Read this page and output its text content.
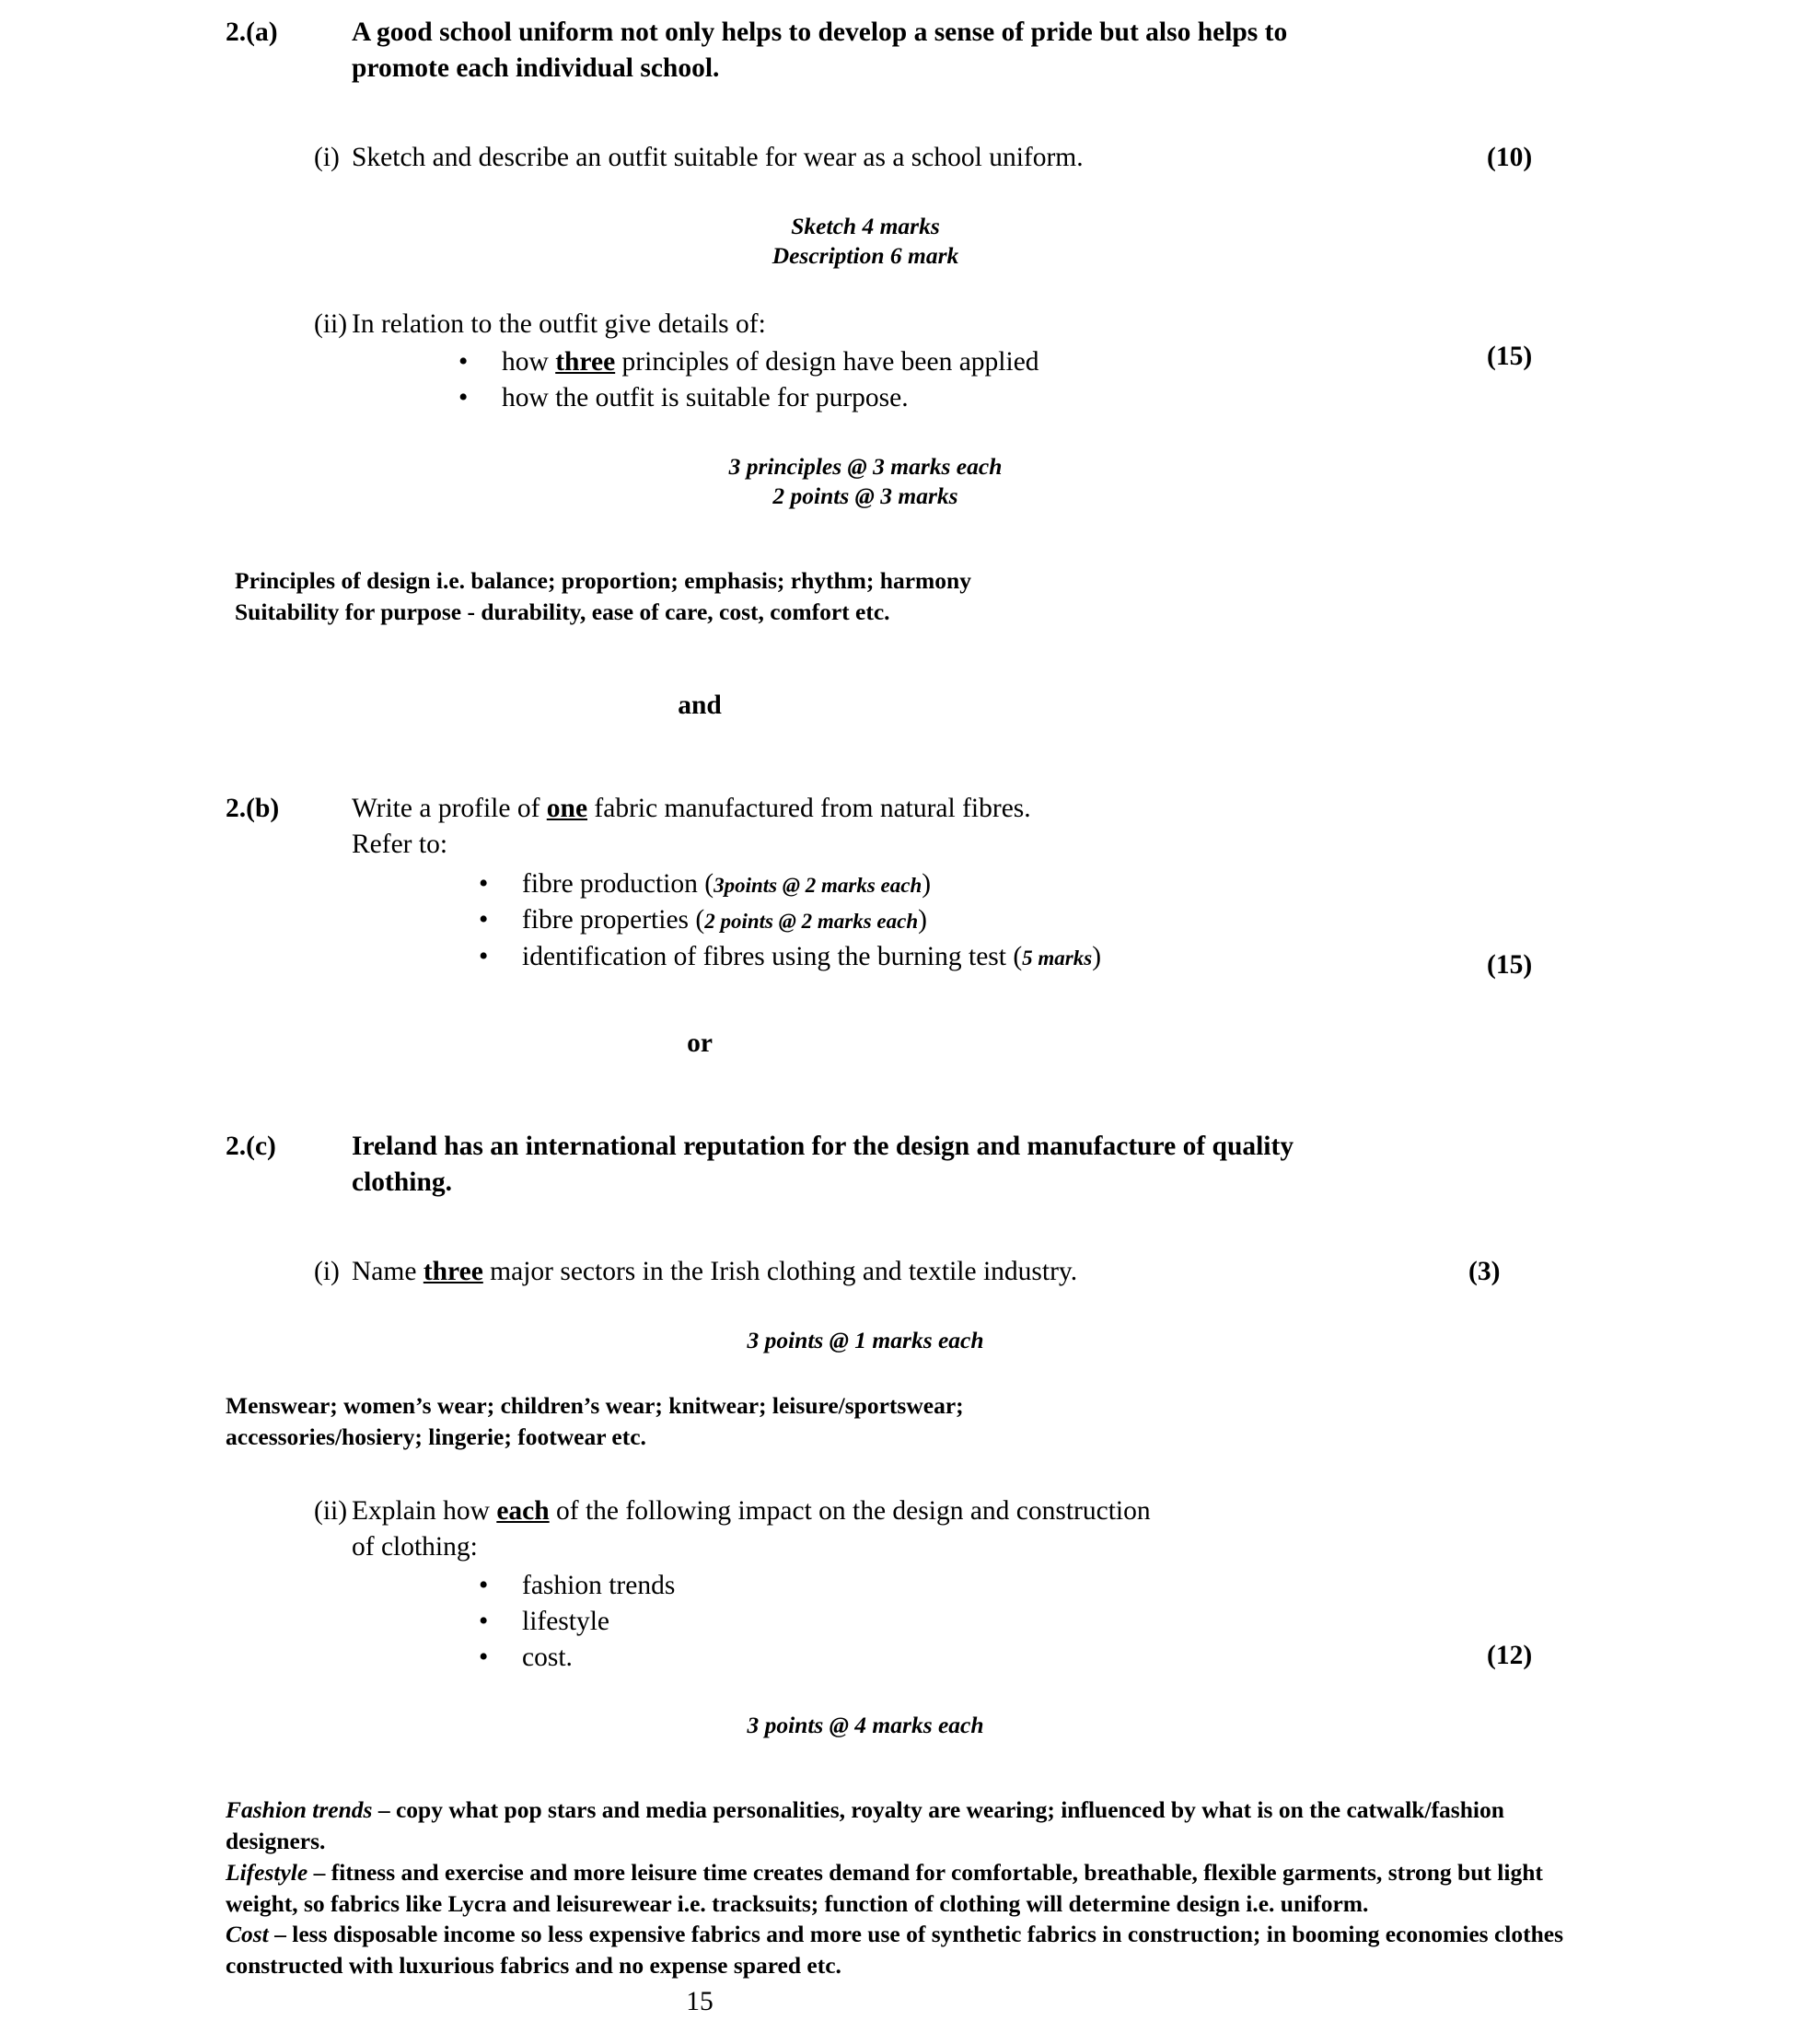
2.(a)	A good school uniform not only helps to develop a sense of pride but also helps to promote each individual school.
(i) Sketch and describe an outfit suitable for wear as a school uniform.	(10)
Sketch 4 marks
Description 6 mark
(ii) In relation to the outfit give details of:
• how three principles of design have been applied
• how the outfit is suitable for purpose.
(15)
3 principles @ 3 marks each
2 points @ 3 marks
Principles of design i.e. balance; proportion; emphasis; rhythm; harmony
Suitability for purpose - durability, ease of care, cost, comfort etc.
and
2.(b)	Write a profile of one fabric manufactured from natural fibres.
Refer to:
• fibre production (3points @ 2 marks each)
• fibre properties (2 points @ 2 marks each)
• identification of fibres using the burning test (5 marks)	(15)
or
2.(c)	Ireland has an international reputation for the design and manufacture of quality clothing.
(i) Name three major sectors in the Irish clothing and textile industry.	(3)
3 points @ 1 marks each
Menswear; women’s wear; children’s wear; knitwear; leisure/sportswear;
accessories/hosiery; lingerie; footwear etc.
(ii) Explain how each of the following impact on the design and construction
of clothing:
• fashion trends
• lifestyle
• cost.	(12)
3 points @ 4 marks each
Fashion trends – copy what pop stars and media personalities, royalty are wearing; influenced by what is on the catwalk/fashion designers.
Lifestyle – fitness and exercise and more leisure time creates demand for comfortable, breathable, flexible garments, strong but light weight, so fabrics like Lycra and leisurewear i.e. tracksuits; function of clothing will determine design i.e. uniform.
Cost – less disposable income so less expensive fabrics and more use of synthetic fabrics in construction; in booming economies clothes constructed with luxurious fabrics and no expense spared etc.
15
